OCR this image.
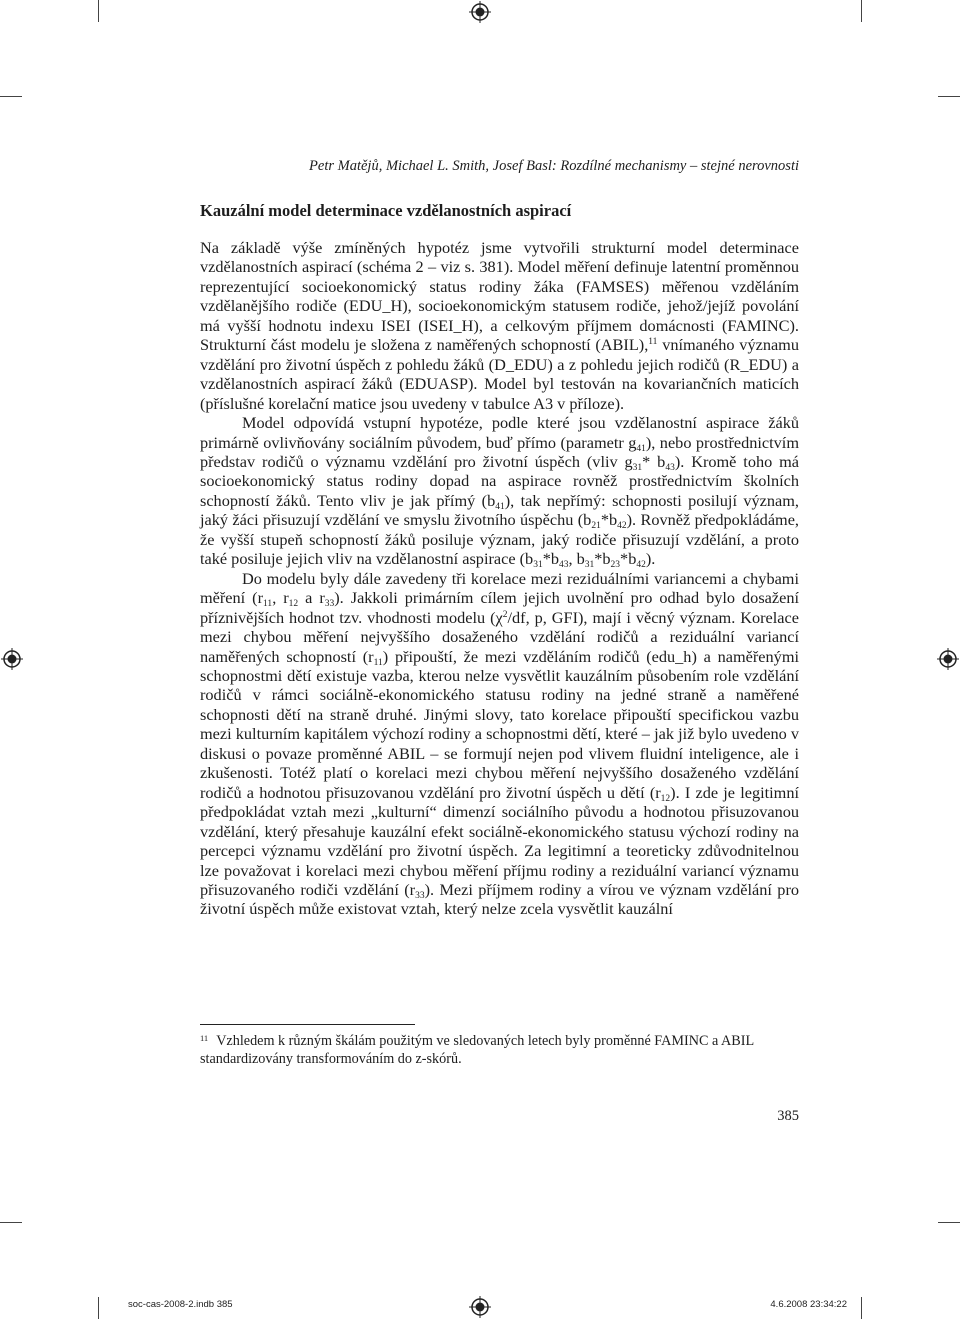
Petr Matějů, Michael L. Smith, Josef Basl: Rozdílné mechanismy – stejné nerovnosti
Kauzální model determinace vzdělanostních aspirací

Na základě výše zmíněných hypotéz jsme vytvořili strukturní model determinace vzdělanostních aspirací (schéma 2 – viz s. 381). Model měření definuje latentní proměnnou reprezentující socioekonomický status rodiny žáka (FAMSES) měřenou vzděláním vzdělanějšího rodiče (EDU_H), socioekonomickým statusem rodiče, jehož/jejíž povolání má vyšší hodnotu indexu ISEI (ISEI_H), a celkovým příjmem domácnosti (FAMINC). Strukturní část modelu je složena z naměřených schopností (ABIL),$^{11}$ vnímaného významu vzdělání pro životní úspěch z pohledu žáků (D_EDU) a z pohledu jejich rodičů (R_EDU) a vzdělanostních aspirací žáků (EDUASP). Model byl testován na kovariančních maticích (příslušné korelační matice jsou uvedeny v tabulce A3 v příloze).

Model odpovídá vstupní hypotéze, podle které jsou vzdělanostní aspirace žáků primárně ovlivňovány sociálním původem, buď přímo (parametr $g_{41}$), nebo prostřednictvím představ rodičů o významu vzdělání pro životní úspěch (vliv $g_{31}*$ $b_{43}$). Kromě toho má socioekonomický status rodiny dopad na aspirace rovněž prostřednictvím školních schopností žáků. Tento vliv je jak přímý $(b_{41})$, tak nepřímý: schopnosti posilují význam, jaký žáci přisuzují vzdělání ve smyslu životního úspěchu $(b_{21}*b_{42})$. Rovněž předpokládáme, že vyšší stupeň schopností žáků posiluje význam, jaký rodiče přisuzují vzdělání, a proto také posiluje jejich vliv na vzdělanostní aspirace ($b_{31}*b_{43}$, $b_{31}*b_{23}*b_{42}$).

Do modelu byly dále zavedeny tři korelace mezi reziduálními variancemi a chybami měření ($r_{11}$, $r_{12}$ a $r_{33}$). Jakkoli primárním cílem jejich uvolnění pro odhad bylo dosažení příznivějších hodnot tzv. vhodnosti modelu ($\chi^2/df$, p, GFI), mají i věcný význam. Korelace mezi chybou měření nejvyššího dosaženého vzdělání rodičů a reziduální variancí naměřených schopností $(r_{11})$ připouští, že mezi vzděláním rodičů (edu_h) a naměřenými schopnostmi dětí existuje vazba, kterou nelze vysvětlit kauzálním působením role vzdělání rodičů v rámci sociálně-ekonomického statusu rodiny na jedné straně a naměřené schopnosti dětí na straně druhé. Jinými slovy, tato korelace připouští specifickou vazbu mezi kulturním kapitálem výchozí rodiny a schopnostmi dětí, které – jak již bylo uvedeno v diskusi o povaze proměnné ABIL – se formují nejen pod vlivem fluidní inteligence, ale i zkušenosti. Totéž platí o korelaci mezi chybou měření nejvyššího dosaženého vzdělání rodičů a hodnotou přisuzovanou vzdělání pro životní úspěch u dětí $(r_{12})$. I zde je legitimní předpokládat vztah mezi „kulturní“ dimenzí sociálního původu a hodnotou přisuzovanou vzdělání, který přesahuje kauzální efekt sociálně-ekonomického statusu výchozí rodiny na percepci významu vzdělání pro životní úspěch. Za legitimní a teoreticky zdůvodnitelnou lze považovat i korelaci mezi chybou měření příjmu rodiny a reziduální variancí významu přisuzovaného rodiči vzdělání $(r_{33})$. Mezi příjmem rodiny a vírou ve význam vzdělání pro životní úspěch může existovat vztah, který nelze zcela vysvětlit kauzální

$^{11}$ Vzhledem k různým škálám použitým ve sledovaných letech byly proměnné FAMINC a ABIL standardizovány transformováním do z-skórů.
385
soc-cas-2008-2.indb 385	4.6.2008 23:34:22
